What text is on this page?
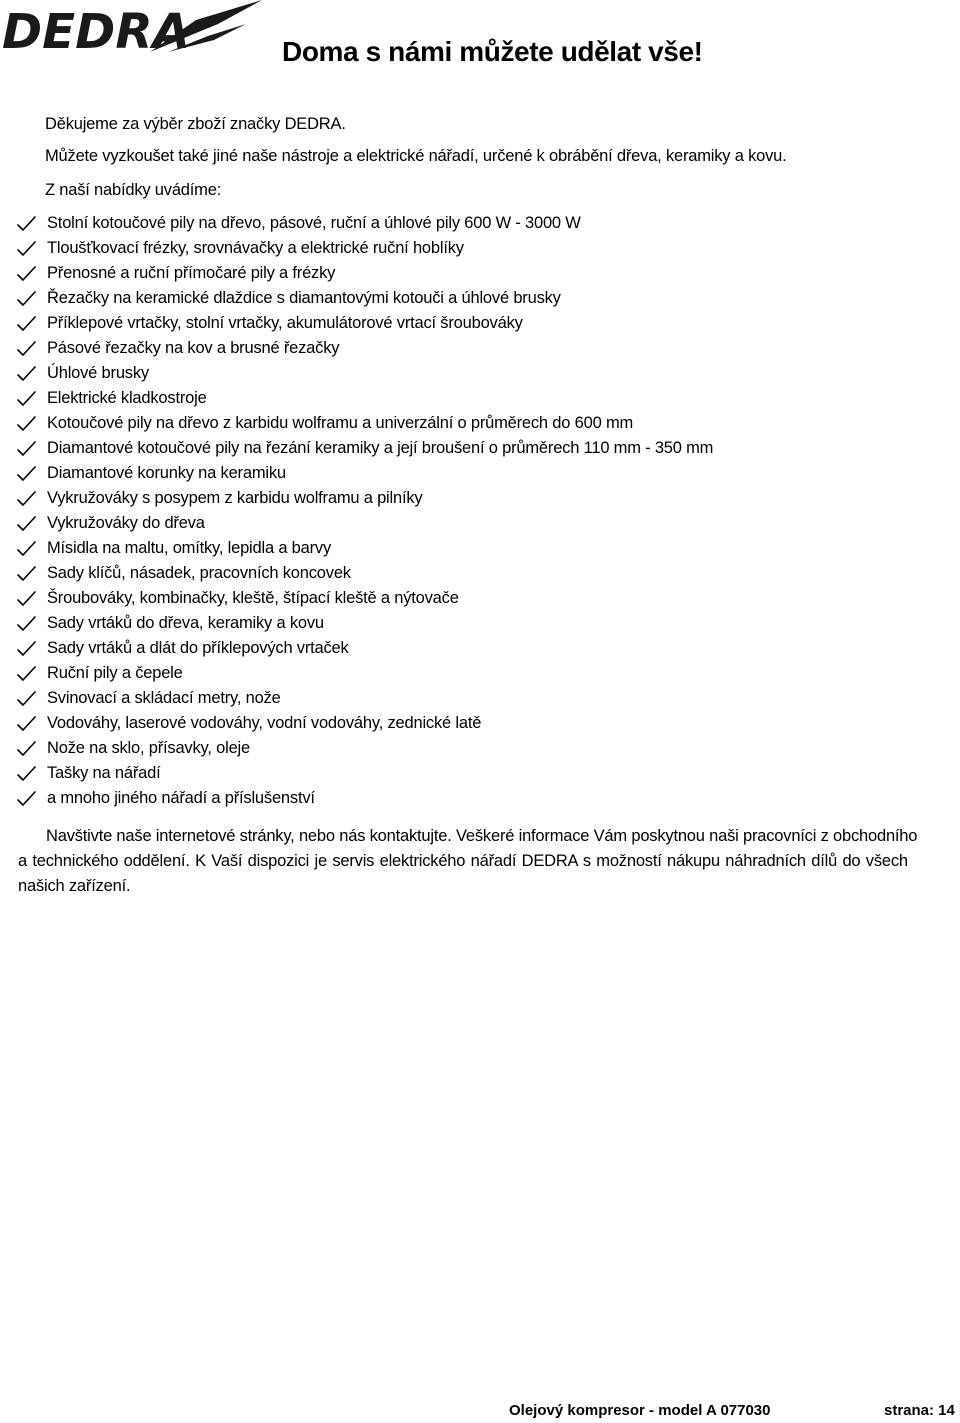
DEDRA	Doma s námi můžete udělat vše!
Děkujeme za výběr zboží značky DEDRA.
Můžete vyzkoušet také jiné naše nástroje a elektrické nářadí, určené k obrábění dřeva, keramiky a kovu.
Z naší nabídky uvádíme:
Stolní kotoučové pily na dřevo, pásové, ruční a úhlové pily 600 W - 3000 W
Tloušťkovací frézky, srovnávačky a elektrické ruční hoblíky
Přenosné a ruční přímočaré pily a frézky
Řezačky na keramické dlaždice s diamantovými kotouči a úhlové brusky
Příklepové vrtačky, stolní vrtačky, akumulátorové vrtací šroubováky
Pásové řezačky na kov a brusné řezačky
Úhlové brusky
Elektrické kladkostroje
Kotoučové pily na dřevo z karbidu wolframu a univerzální o průměrech do 600 mm
Diamantové kotoučové pily na řezání keramiky a její broušení o průměrech 110 mm - 350 mm
Diamantové korunky na keramiku
Vykružováky s posypem z karbidu wolframu a pilníky
Vykružováky do dřeva
Mísidla na maltu, omítky, lepidla a barvy
Sady klíčů, násadek, pracovních koncovek
Šroubováky, kombinačky, kleště, štípací kleště a nýtovače
Sady vrtáků do dřeva, keramiky a kovu
Sady vrtáků a dlát do příklepových vrtaček
Ruční pily a čepele
Svinovací a skládací metry, nože
Vodováhy, laserové vodováhy, vodní vodováhy, zednické latě
Nože na sklo, přísavky, oleje
Tašky na nářadí
a mnoho jiného nářadí a příslušenství
Navštivte naše internetové stránky, nebo nás kontaktujte. Veškeré informace Vám poskytnou naši pracovníci z obchodního
a technického oddělení. K Vaší dispozici je servis elektrického nářadí DEDRA s možností nákupu náhradních dílů do všech
našich zařízení.
Olejový kompresor - model A 077030	strana: 14
